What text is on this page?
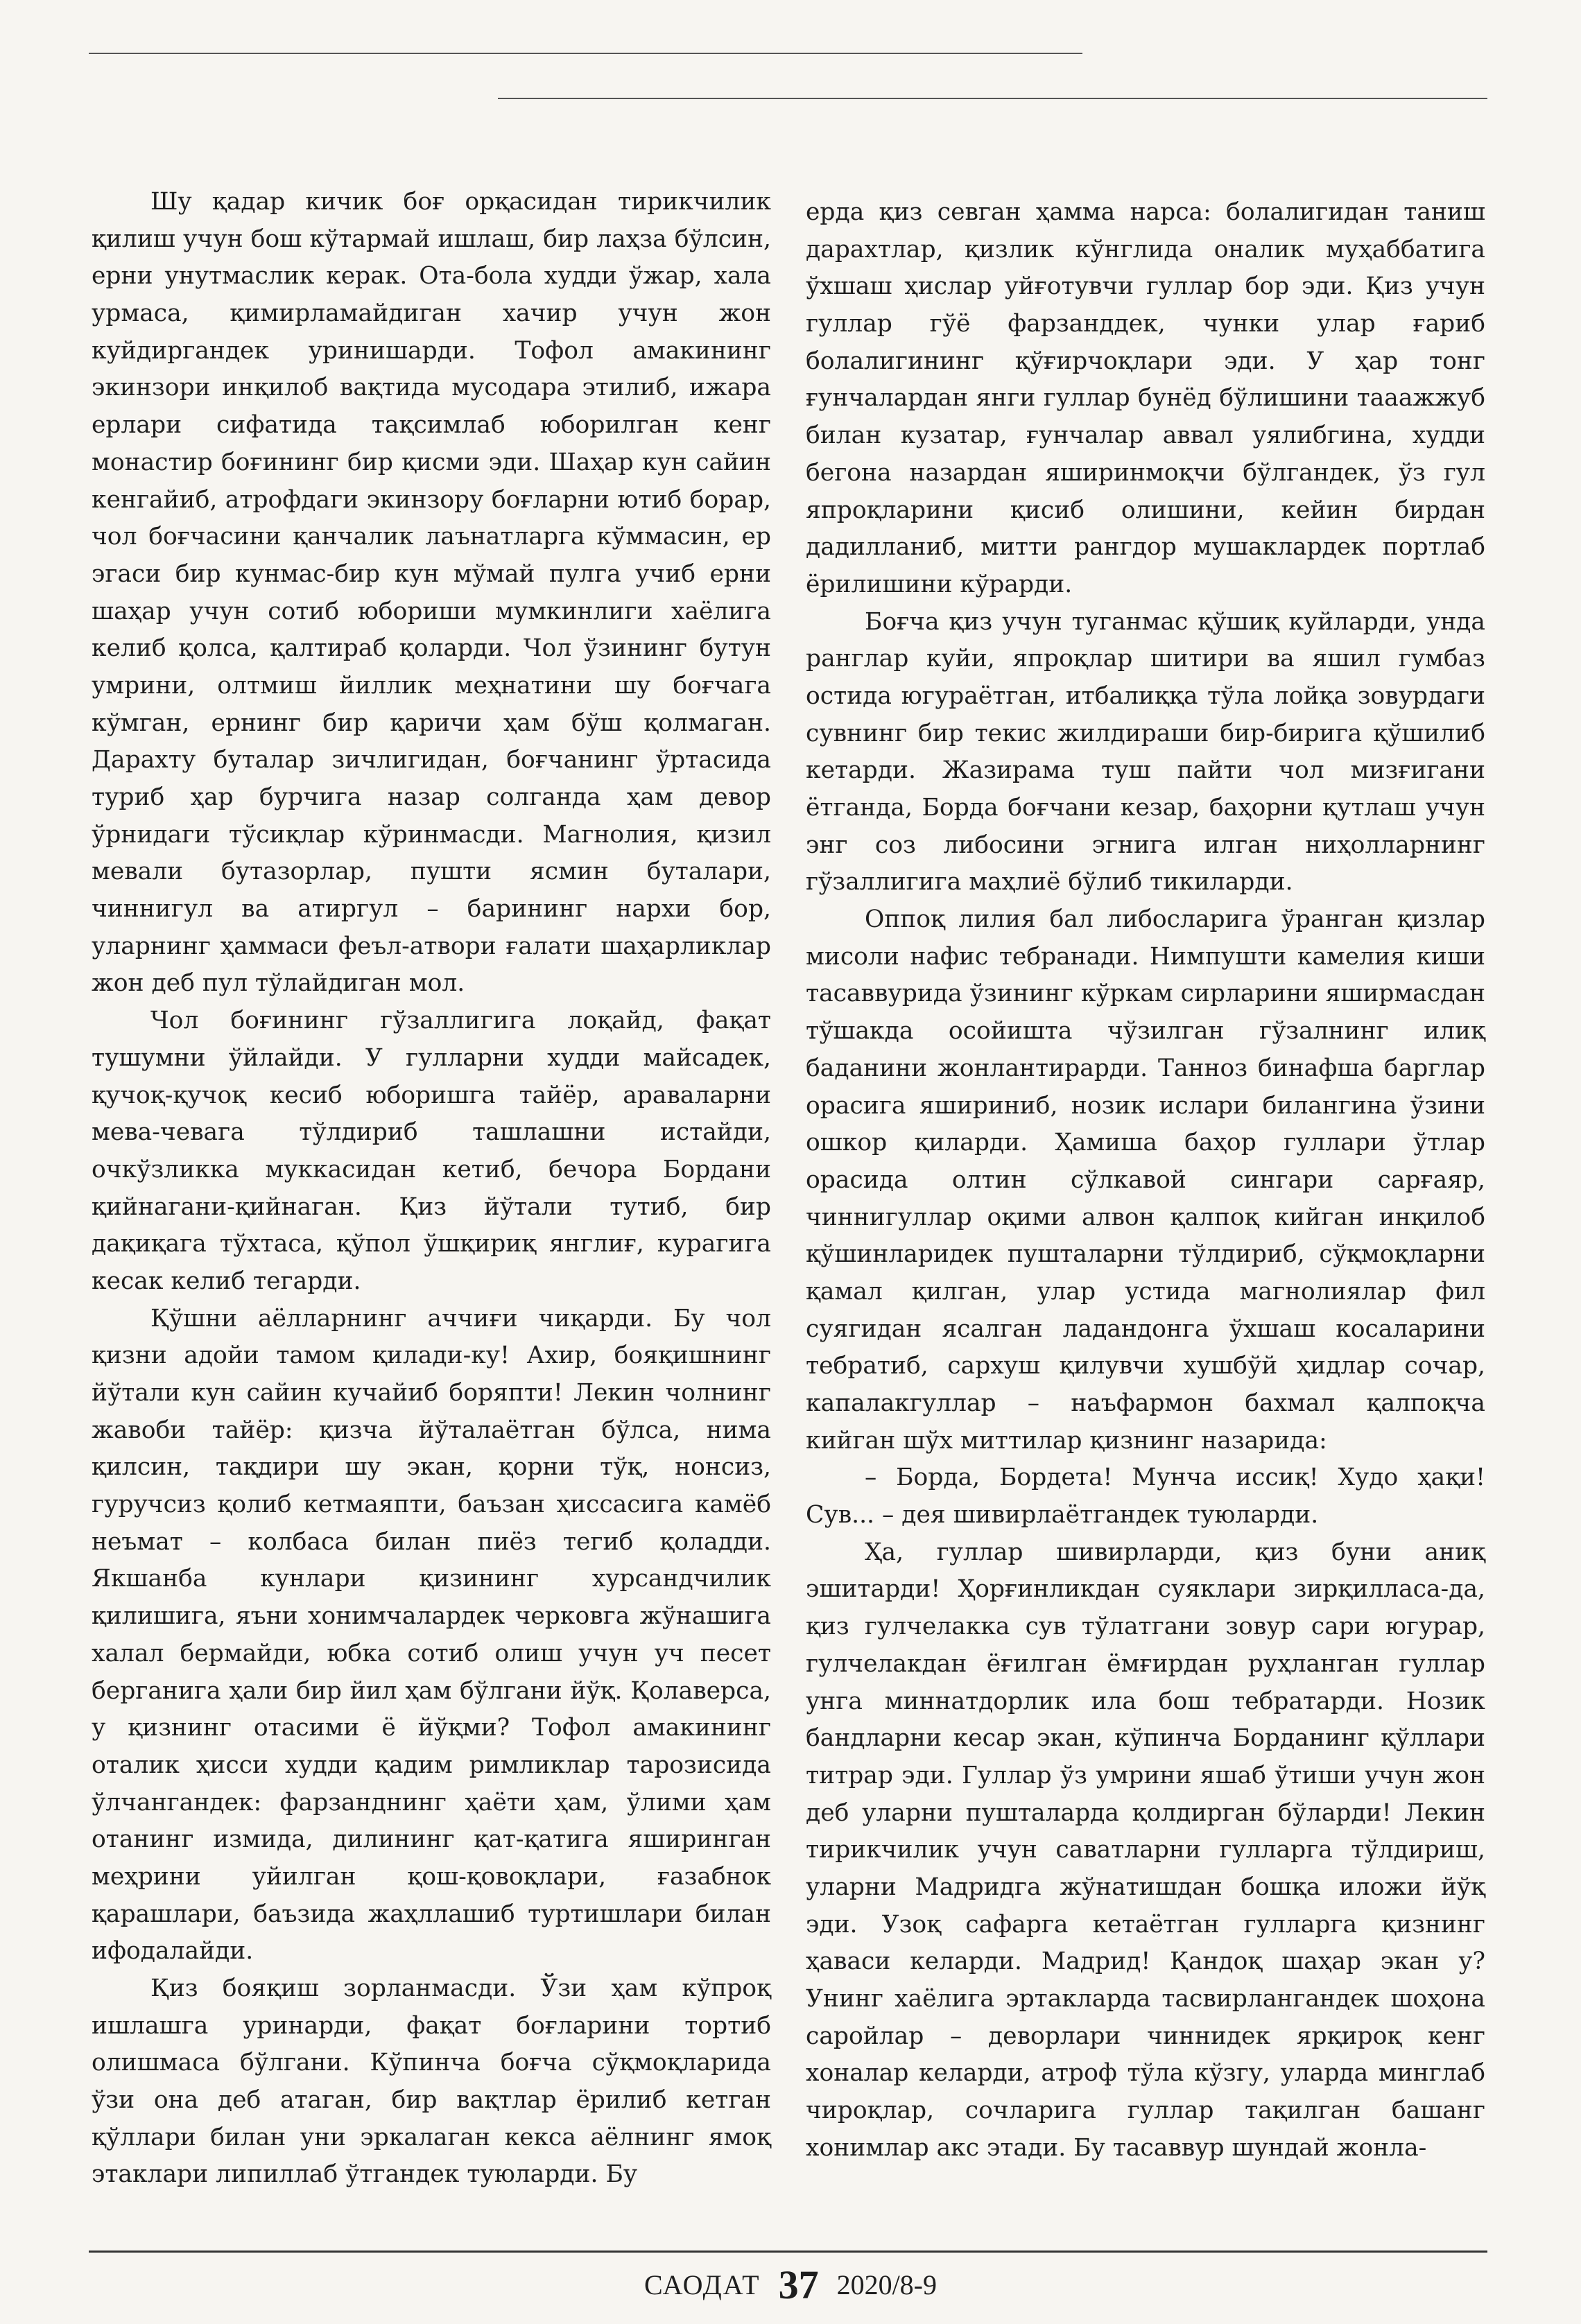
Шу қадар кичик боғ орқасидан тирикчилик қилиш учун бош кўтармай ишлаш, бир лаҳза бўлсин, ерни унутмаслик керак. Ота-бола худди ўжар, хала урмаса, қимирламайдиган хачир учун жон куйдиргандек уринишарди. Тофол амакининг экинзори инқилоб вақтида мусодара этилиб, ижара ерлари сифатида тақсимлаб юборилган кенг монастир боғининг бир қисми эди. Шаҳар кун сайин кенгайиб, атрофдаги экинзору боғларни ютиб борар, чол боғчасини қанчалик лаънатларга кўммасин, ер эгаси бир кунмас-бир кун мўмай пулга учиб ерни шаҳар учун сотиб юбориши мумкинлиги хаёлига келиб қолса, қалтираб қоларди. Чол ўзининг бутун умрини, олтмиш йиллик меҳнатини шу боғчага кўмган, ернинг бир қаричи ҳам бўш қолмаган. Дарахту буталар зичлигидан, боғчанинг ўртасида туриб ҳар бурчига назар солганда ҳам девор ўрнидаги тўсиқлар кўринмасди. Магнолия, қизил мевали бутазорлар, пушти ясмин буталари, чиннигул ва атиргул – барининг нархи бор, уларнинг ҳаммаси феъл-атвори ғалати шаҳарликлар жон деб пул тўлайдиган мол.

Чол боғининг гўзаллигига лоқайд, фақат тушумни ўйлайди. У гулларни худди майсадек, қучоқ-қучоқ кесиб юборишга тайёр, араваларни мева-чевага тўлдириб ташлашни истайди, очкўзликка муккасидан кетиб, бечора Бордани қийнагани-қийнаган. Қиз йўтали тутиб, бир дақиқага тўхтаса, қўпол ўшқириқ янглиғ, курагига кесак келиб тегарди.

Қўшни аёлларнинг аччиғи чиқарди. Бу чол қизни адойи тамом қилади-ку! Ахир, бояқишнинг йўтали кун сайин кучайиб боряпти! Лекин чолнинг жавоби тайёр: қизча йўталаётган бўлса, нима қилсин, тақдири шу экан, қорни тўқ, нонсиз, гуручсиз қолиб кетмаяпти, баъзан ҳиссасига камёб неъмат – колбаса билан пиёз тегиб қоладди. Якшанба кунлари қизининг хурсандчилик қилишига, яъни хонимчалардек черковга жўнашига халал бермайди, юбка сотиб олиш учун уч песет берганига ҳали бир йил ҳам бўлгани йўқ. Қолаверса, у қизнинг отасими ё йўқми? Тофол амакининг оталик ҳисси худди қадим римликлар тарозисида ўлчангандек: фарзанднинг ҳаёти ҳам, ўлими ҳам отанинг измида, дилининг қат-қатига яширинган меҳрини уйилган қош-қовоқлари, ғазабнок қарашлари, баъзида жаҳллашиб туртишлари билан ифодалайди.

Қиз бояқиш зорланмасди. Ўзи ҳам кўпроқ ишлашга уринарди, фақат боғларини тортиб олишмаса бўлгани. Кўпинча боғча сўқмоқларида ўзи она деб атаган, бир вақтлар ёрилиб кетган қўллари билан уни эркалаган кекса аёлнинг ямоқ этаклари липиллаб ўтгандек туюларди. Бу

ерда қиз севган ҳамма нарса: болалигидан таниш дарахтлар, қизлик кўнглида оналик муҳаббатига ўхшаш ҳислар уйғотувчи гуллар бор эди. Қиз учун гуллар гўё фарзанддек, чунки улар ғариб болалигининг қўғирчоқлари эди. У ҳар тонг ғунчалардан янги гуллар бунёд бўлишини тааажжуб билан кузатар, ғунчалар аввал уялибгина, худди бегона назардан яширинмоқчи бўлгандек, ўз гул япроқларини қисиб олишини, кейин бирдан дадилланиб, митти рангдор мушаклардек портлаб ёрилишини кўрарди.

Боғча қиз учун туганмас қўшиқ куйларди, унда ранглар куйи, япроқлар шитири ва яшил гумбаз остида югураётган, итбалиққа тўла лойқа зовурдаги сувнинг бир текис жилдираши бир-бирига қўшилиб кетарди. Жазирама туш пайти чол мизғигани ётганда, Борда боғчани кезар, баҳорни қутлаш учун энг соз либосини эгнига илган ниҳолларнинг гўзаллигига маҳлиё бўлиб тикиларди.

Оппоқ лилия бал либосларига ўранган қизлар мисоли нафис тебранади. Нимпушти камелия киши тасаввурида ўзининг кўркам сирларини яширмасдан тўшакда осойишта чўзилган гўзалнинг илиқ баданини жонлантирарди. Танноз бинафша барглар орасига яшириниб, нозик ислари билангина ўзини ошкор қиларди. Ҳамиша баҳор гуллари ўтлар орасида олтин сўлкавой сингари сарғаяр, чиннигуллар оқими алвон қалпоқ кийган инқилоб қўшинларидек пушталарни тўлдириб, сўқмоқларни қамал қилган, улар устида магнолиялар фил суягидан ясалган ладандонга ўхшаш косаларини тебратиб, сархуш қилувчи хушбўй ҳидлар сочар, капалакгуллар – наъфармон бахмал қалпоқча кийган шўх миттилар қизнинг назарида:

– Борда, Бордета! Мунча иссиқ! Худо ҳақи! Сув... – дея шивирлаётгандек туюларди.

Ҳа, гуллар шивирларди, қиз буни аниқ эшитарди! Ҳорғинликдан суяклари зирқилласа-да, қиз гулчелакка сув тўлатгани зовур сари югурар, гулчелакдан ёғилган ёмғирдан руҳланган гуллар унга миннатдорлик ила бош тебратарди. Нозик бандларни кесар экан, кўпинча Борданинг қўллари титрар эди. Гуллар ўз умрини яшаб ўтиши учун жон деб уларни пушталарда қолдирган бўларди! Лекин тирикчилик учун саватларни гулларга тўлдириш, уларни Мадридга жўнатишдан бошқа иложи йўқ эди. Узоқ сафарга кетаётган гулларга қизнинг ҳаваси келарди. Мадрид! Қандоқ шаҳар экан у? Унинг хаёлига эртакларда тасвирлангандек шоҳона саройлар – деворлари чиннидек ярқироқ кенг хоналар келарди, атроф тўла кўзгу, уларда минглаб чироқлар, сочларига гуллар тақилган башанг хонимлар акс этади. Бу тасаввур шундай жонла-

САОДАТ 37 2020/8-9
